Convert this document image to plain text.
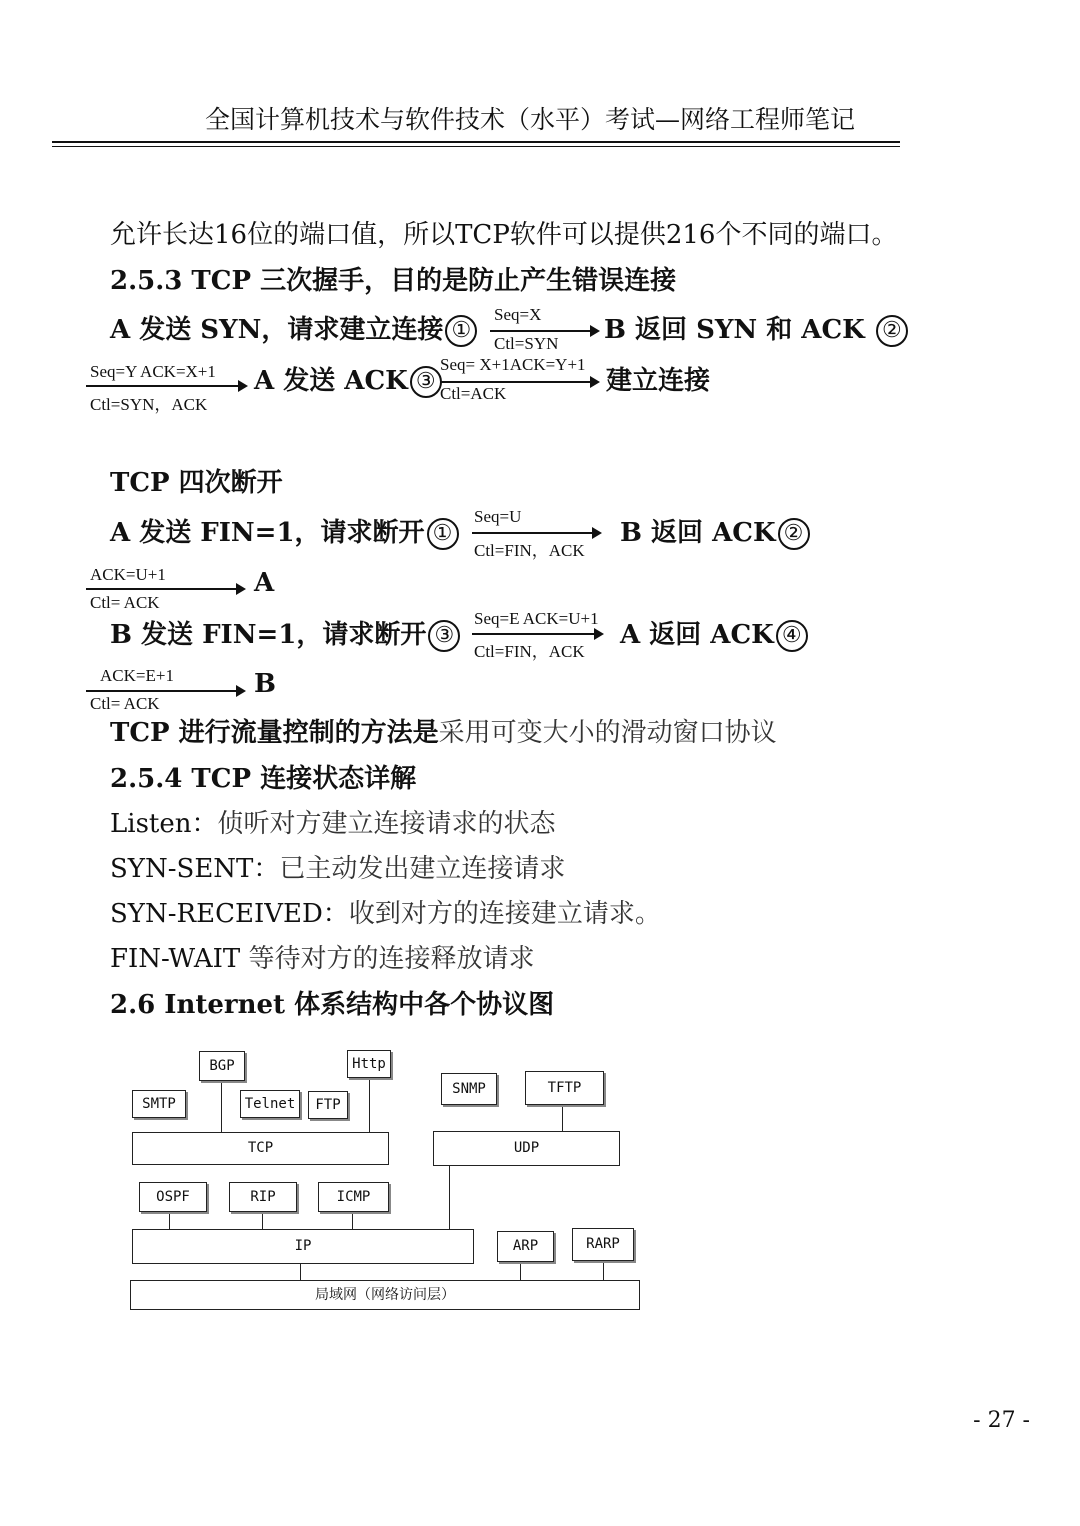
全国计算机技术与软件技术（水平）考试—网络工程师笔记
允许长达16位的端口值，所以TCP软件可以提供216个不同的端口。
2.5.3 TCP 三次握手，目的是防止产生错误连接
A 发送 SYN，请求建立连接 ①
Seq=X
Ctl=SYN B 返回 SYN 和 ACK ②
Seq=Y ACK=X+1
Ctl=SYN，ACK
A 发送 ACK ③
Seq= X+1ACK=Y+1
Ctl=ACK	建立连接
TCP 四次断开
A 发送 FIN=1，请求断开 ①
Seq=U
Ctl=FIN，ACK
B 返回 ACK ②
ACK=U+1
Ctl= ACK
A
B 发送 FIN=1，请求断开 ③
Seq=E ACK=U+1
Ctl=FIN，ACK
A 返回 ACK ④
ACK=E+1
Ctl= ACK
B
TCP 进行流量控制的方法是采用可变大小的滑动窗口协议
2.5.4 TCP 连接状态详解
Listen：侦听对方建立连接请求的状态
SYN-SENT：已主动发出建立连接请求
SYN-RECEIVED：收到对方的连接建立请求。
FIN-WAIT 等待对方的连接释放请求
2.6 Internet 体系结构中各个协议图
BGP	Http
SMTP	Telnet	FTP
SNMP	TFTP
TCP	UDP
OSPF	RIP	ICMP
IP	ARP	RARP
局域网（网络访问层）
- 27 -
